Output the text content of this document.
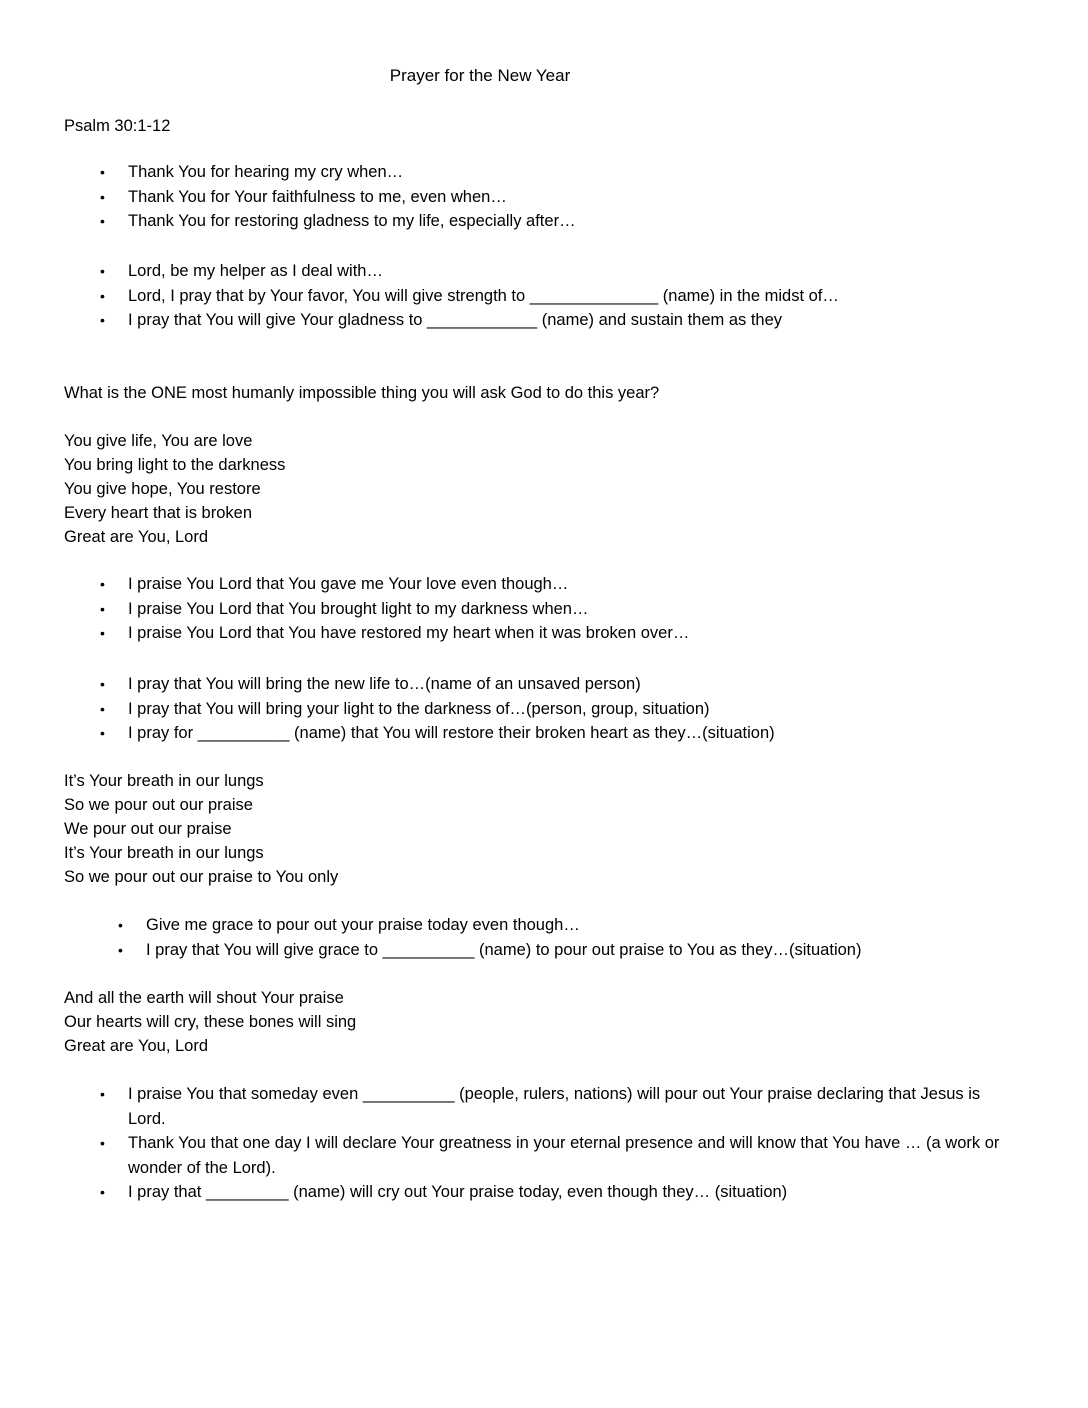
Prayer for the New Year
Psalm 30:1-12
• Thank You for hearing my cry when…
• Thank You for Your faithfulness to me, even when…
• Thank You for restoring gladness to my life, especially after…
• Lord, be my helper as I deal with…
• Lord, I pray that by Your favor, You will give strength to ______________ (name) in the midst of…
• I pray that You will give Your gladness to ____________ (name) and sustain them as they
What is the ONE most humanly impossible thing you will ask God to do this year?
You give life, You are love
You bring light to the darkness
You give hope, You restore
Every heart that is broken
Great are You, Lord
• I praise You Lord that You gave me Your love even though…
• I praise You Lord that You brought light to my darkness when…
• I praise You Lord that You have restored my heart when it was broken over…
• I pray that You will bring the new life to…(name of an unsaved person)
• I pray that You will bring your light to the darkness of…(person, group, situation)
• I pray for __________ (name) that You will restore their broken heart as they…(situation)
It’s Your breath in our lungs
So we pour out our praise
We pour out our praise
It’s Your breath in our lungs
So we pour out our praise to You only
• Give me grace to pour out your praise today even though…
• I pray that You will give grace to __________ (name) to pour out praise to You as they…(situation)
And all the earth will shout Your praise
Our hearts will cry, these bones will sing
Great are You, Lord
• I praise You that someday even __________ (people, rulers, nations) will pour out Your praise declaring that Jesus is Lord.
• Thank You that one day I will declare Your greatness in your eternal presence and will know that You have … (a work or wonder of the Lord).
• I pray that _________ (name) will cry out Your praise today, even though they… (situation)
